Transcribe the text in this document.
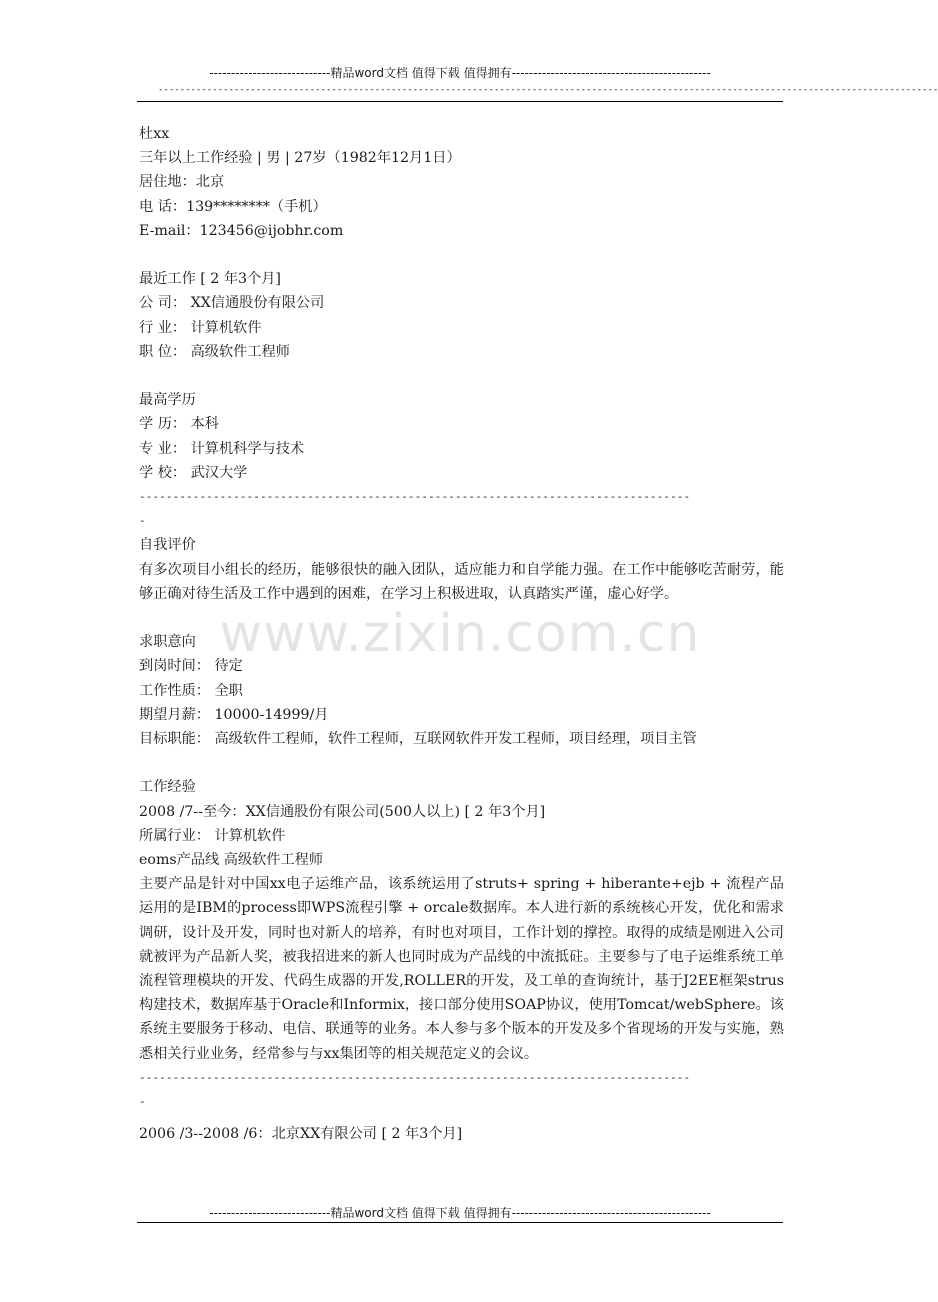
----------------------------精品word文档 值得下载 值得拥有----------------------------------------------
------------------------------------------------------------------------------------------------------------------------------------------------
www.zixin.com.cn
杜xx
三年以上工作经验 | 男 | 27岁（1982年12月1日）
居住地：北京
电 话：139********（手机）
E-mail：123456@ijobhr.com
最近工作 [ 2 年3个月]
公 司： XX信通股份有限公司
行 业： 计算机软件
职 位： 高级软件工程师
最高学历
学 历： 本科
专 业： 计算机科学与技术
学 校： 武汉大学
----------------------------------------------------------------------------------
-
自我评价
有多次项目小组长的经历，能够很快的融入团队，适应能力和自学能力强。在工作中能够吃苦耐劳，能够正确对待生活及工作中遇到的困难，在学习上积极进取，认真踏实严谨，虚心好学。
求职意向
到岗时间： 待定
工作性质： 全职
期望月薪： 10000-14999/月
目标职能： 高级软件工程师，软件工程师，互联网软件开发工程师，项目经理，项目主管
工作经验
2008 /7--至今：XX信通股份有限公司(500人以上) [ 2 年3个月]
所属行业： 计算机软件
eoms产品线 高级软件工程师
主要产品是针对中国xx电子运维产品，该系统运用了struts+ spring + hiberante+ejb + 流程产品运用的是IBM的process即WPS流程引擎 + orcale数据库。本人进行新的系统核心开发，优化和需求调研，设计及开发，同时也对新人的培养，有时也对项目，工作计划的撑控。取得的成绩是刚进入公司就被评为产品新人奖，被我招进来的新人也同时成为产品线的中流抵砫。主要参与了电子运维系统工单流程管理模块的开发、代码生成器的开发,ROLLER的开发，及工单的查询统计，基于J2EE框架strus构建技术，数据库基于Oracle和Informix，接口部分使用SOAP协议，使用Tomcat/webSphere。该系统主要服务于移动、电信、联通等的业务。本人参与多个版本的开发及多个省现场的开发与实施，熟悉相关行业业务，经常参与与xx集团等的相关规范定义的会议。
----------------------------------------------------------------------------------
-
2006 /3--2008 /6：北京XX有限公司 [ 2 年3个月]
----------------------------精品word文档 值得下载 值得拥有----------------------------------------------
